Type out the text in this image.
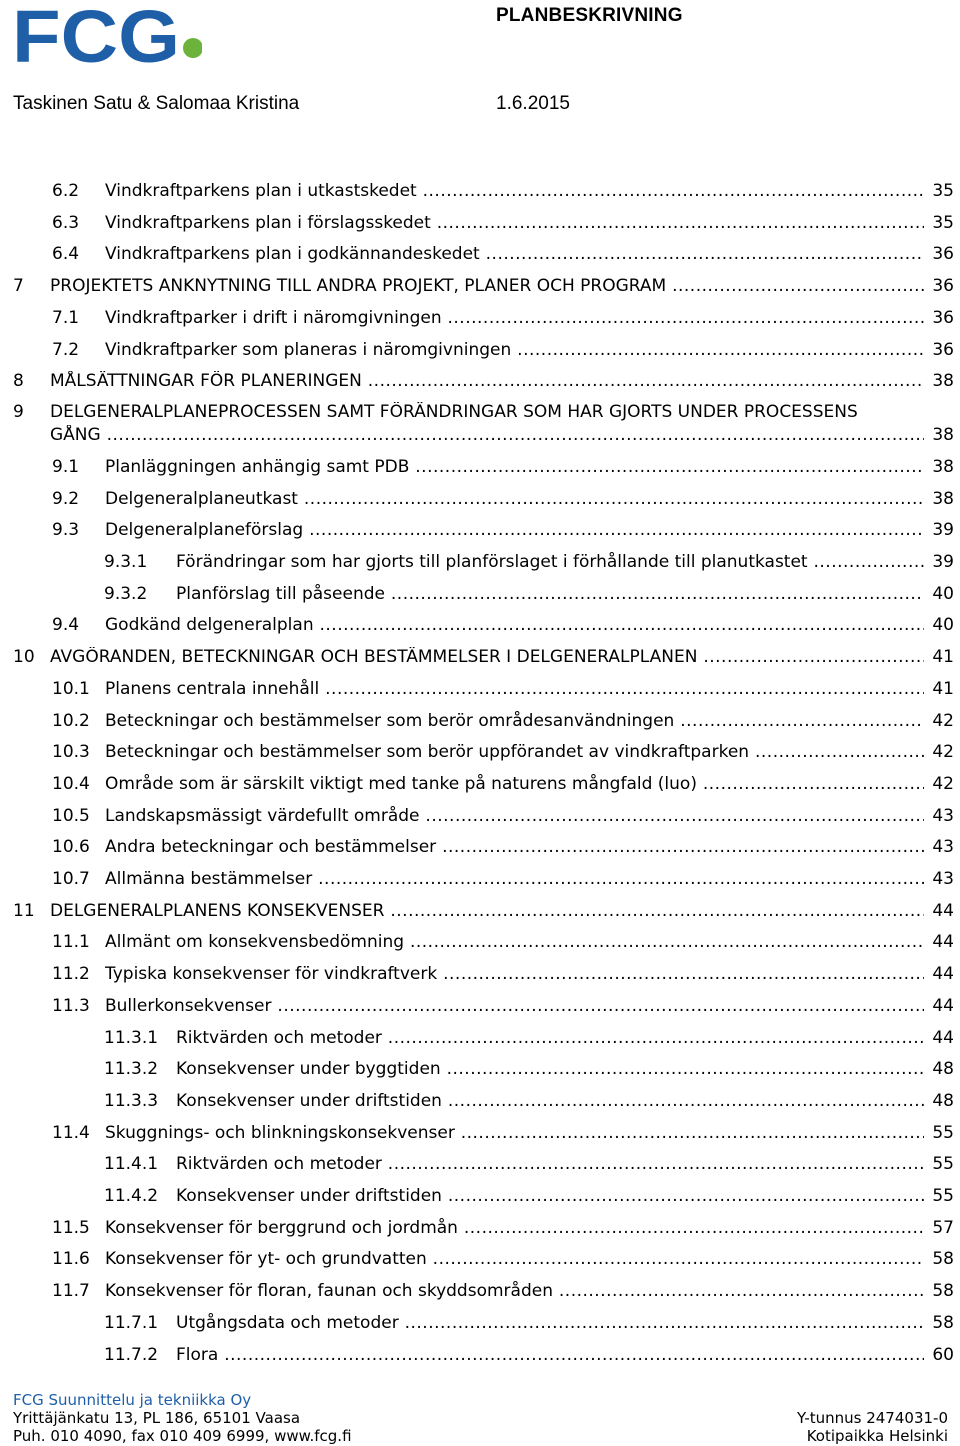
FCG	PLANBESKRIVNING
Taskinen Satu & Salomaa Kristina	1.6.2015
6.2 Vindkraftparkens plan i utkastskedet .....	35
6.3 Vindkraftparkens plan i förslagsskedet .....	35
6.4 Vindkraftparkens plan i godkännandeskedet .....	36
7 PROJEKTETS ANKNYTNING TILL ANDRA PROJEKT, PLANER OCH PROGRAM .....	36
7.1 Vindkraftparker i drift i näromgivningen .....	36
7.2 Vindkraftparker som planeras i näromgivningen .....	36
8 MÅLSÄTTNINGAR FÖR PLANERINGEN .....	38
9 DELGENERALPLANEPROCESSEN SAMT FÖRÄNDRINGAR SOM HAR GJORTS UNDER PROCESSENS
GÅNG .....	38
9.1 Planläggningen anhängig samt PDB .....	38
9.2 Delgeneralplaneutkast .....	38
9.3 Delgeneralplaneförslag .....	39
9.3.1 Förändringar som har gjorts till planförslaget i förhållande till planutkastet .....	39
9.3.2 Planförslag till påseende .....	40
9.4 Godkänd delgeneralplan .....	40
10 AVGÖRANDEN, BETECKNINGAR OCH BESTÄMMELSER I DELGENERALPLANEN .....	41
10.1 Planens centrala innehåll .....	41
10.2 Beteckningar och bestämmelser som berör områdesanvändningen .....	42
10.3 Beteckningar och bestämmelser som berör uppförandet av vindkraftparken .....	42
10.4 Område som är särskilt viktigt med tanke på naturens mångfald (luo) .....	42
10.5 Landskapsmässigt värdefullt område .....	43
10.6 Andra beteckningar och bestämmelser .....	43
10.7 Allmänna bestämmelser .....	43
11 DELGENERALPLANENS KONSEKVENSER .....	44
11.1 Allmänt om konsekvensbedömning .....	44
11.2 Typiska konsekvenser för vindkraftverk .....	44
11.3 Bullerkonsekvenser .....	44
11.3.1 Riktvärden och metoder .....	44
11.3.2 Konsekvenser under byggtiden .....	48
11.3.3 Konsekvenser under driftstiden .....	48
11.4 Skuggnings- och blinkningskonsekvenser .....	55
11.4.1 Riktvärden och metoder .....	55
11.4.2 Konsekvenser under driftstiden .....	55
11.5 Konsekvenser för berggrund och jordmån .....	57
11.6 Konsekvenser för yt- och grundvatten .....	58
11.7 Konsekvenser för floran, faunan och skyddsområden .....	58
11.7.1 Utgångsdata och metoder .....	58
11.7.2 Flora .....	60
FCG Suunnittelu ja tekniikka Oy
Yrittäjänkatu 13, PL 186, 65101 Vaasa
Puh. 010 4090, fax 010 409 6999, www.fcg.fi
Y-tunnus 2474031-0
Kotipaikka Helsinki
